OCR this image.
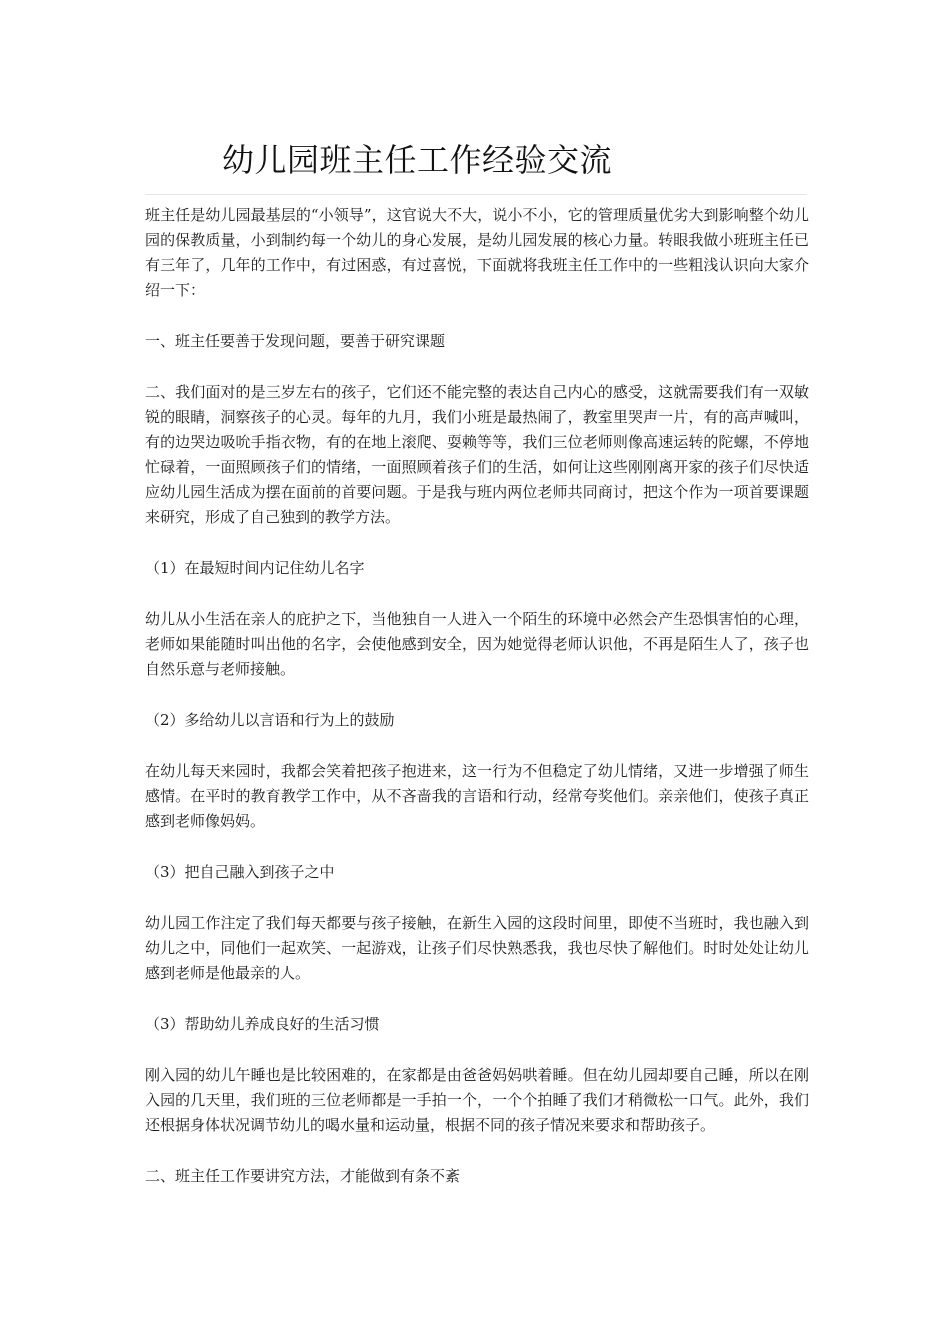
幼儿园班主任工作经验交流

班主任是幼儿园最基层的“小领导”，这官说大不大，说小不小，它的管理质量优劣大到影响整个幼儿园的保教质量，小到制约每一个幼儿的身心发展，是幼儿园发展的核心力量。转眼我做小班班主任已有三年了，几年的工作中，有过困惑，有过喜悦，下面就将我班主任工作中的一些粗浅认识向大家介绍一下：

一、班主任要善于发现问题，要善于研究课题

二、我们面对的是三岁左右的孩子，它们还不能完整的表达自己内心的感受，这就需要我们有一双敏锐的眼睛，洞察孩子的心灵。每年的九月，我们小班是最热闹了，教室里哭声一片，有的高声喊叫，有的边哭边吸吮手指衣物，有的在地上滚爬、耍赖等等，我们三位老师则像高速运转的陀螺，不停地忙碌着，一面照顾孩子们的情绪，一面照顾着孩子们的生活，如何让这些刚刚离开家的孩子们尽快适应幼儿园生活成为摆在面前的首要问题。于是我与班内两位老师共同商讨，把这个作为一项首要课题来研究，形成了自己独到的教学方法。

（1）在最短时间内记住幼儿名字

幼儿从小生活在亲人的庇护之下，当他独自一人进入一个陌生的环境中必然会产生恐惧害怕的心理，老师如果能随时叫出他的名字，会使他感到安全，因为她觉得老师认识他，不再是陌生人了，孩子也自然乐意与老师接触。

（2）多给幼儿以言语和行为上的鼓励

在幼儿每天来园时，我都会笑着把孩子抱进来，这一行为不但稳定了幼儿情绪，又进一步增强了师生感情。在平时的教育教学工作中，从不吝啬我的言语和行动，经常夸奖他们。亲亲他们，使孩子真正感到老师像妈妈。

（3）把自己融入到孩子之中

幼儿园工作注定了我们每天都要与孩子接触，在新生入园的这段时间里，即使不当班时，我也融入到幼儿之中，同他们一起欢笑、一起游戏，让孩子们尽快熟悉我，我也尽快了解他们。时时处处让幼儿感到老师是他最亲的人。

（3）帮助幼儿养成良好的生活习惯

刚入园的幼儿午睡也是比较困难的，在家都是由爸爸妈妈哄着睡。但在幼儿园却要自己睡，所以在刚入园的几天里，我们班的三位老师都是一手拍一个，一个个拍睡了我们才稍微松一口气。此外，我们还根据身体状况调节幼儿的喝水量和运动量，根据不同的孩子情况来要求和帮助孩子。

二、班主任工作要讲究方法，才能做到有条不紊
